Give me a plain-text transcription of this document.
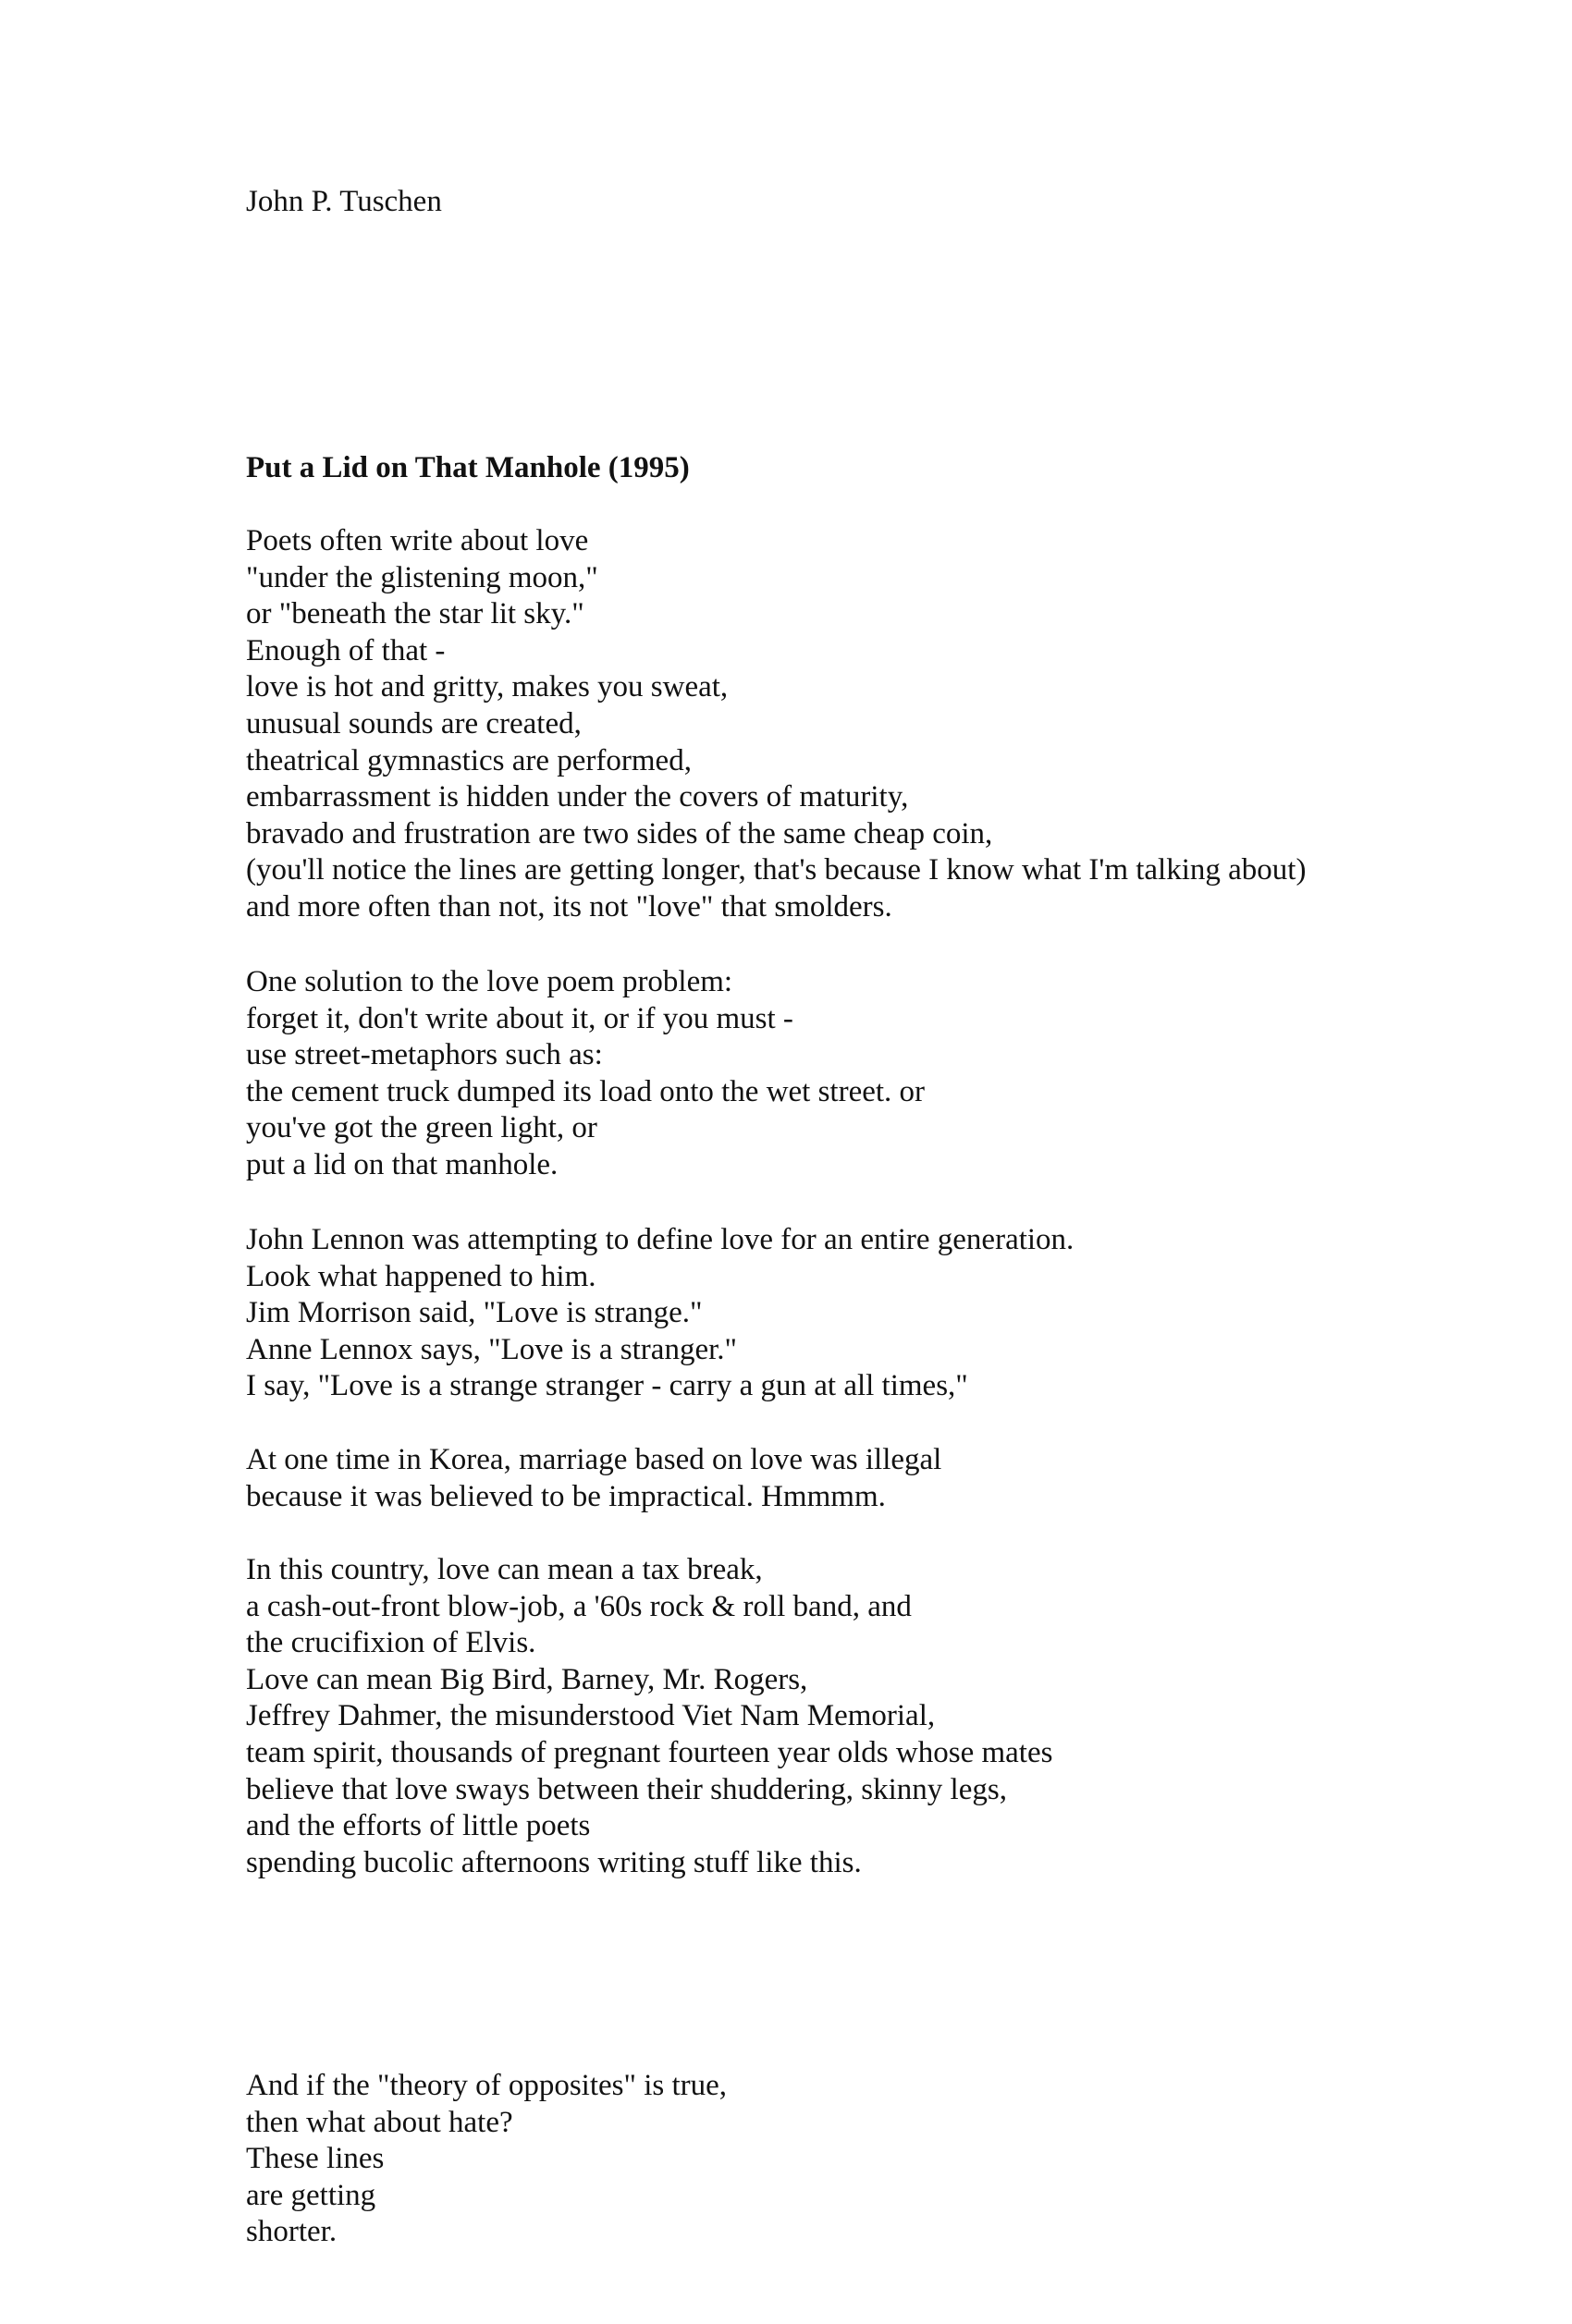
John P. Tuschen
Put a Lid on That Manhole (1995)
Poets often write about love
"under the glistening moon,"
or "beneath the star lit sky."
Enough of that -
love is hot and gritty, makes you sweat,
unusual sounds are created,
theatrical gymnastics are performed,
embarrassment is hidden under the covers of maturity,
bravado and frustration are two sides of the same cheap coin,
(you'll notice the lines are getting longer, that's because I know what I'm talking about)
and more often than not, its not "love" that smolders.
One solution to the love poem problem:
forget it, don't write about it, or if you must -
use street-metaphors such as:
the cement truck dumped its load onto the wet street. or
you've got the green light, or
put a lid on that manhole.
John Lennon was attempting to define love for an entire generation.
Look what happened to him.
Jim Morrison said, "Love is strange."
Anne Lennox says, "Love is a stranger."
I say, "Love is a strange stranger - carry a gun at all times,"
At one time in Korea, marriage based on love was illegal
because it was believed to be impractical. Hmmmm.
In this country, love can mean a tax break,
a cash-out-front blow-job, a '60s rock & roll band, and
the crucifixion of Elvis.
Love can mean Big Bird, Barney, Mr. Rogers,
Jeffrey Dahmer, the misunderstood Viet Nam Memorial,
team spirit, thousands of pregnant fourteen year olds whose mates
believe that love sways between their shuddering, skinny legs,
and the efforts of little poets
spending bucolic afternoons writing stuff like this.
And if the "theory of opposites" is true,
then what about hate?
These lines
are getting
shorter.
